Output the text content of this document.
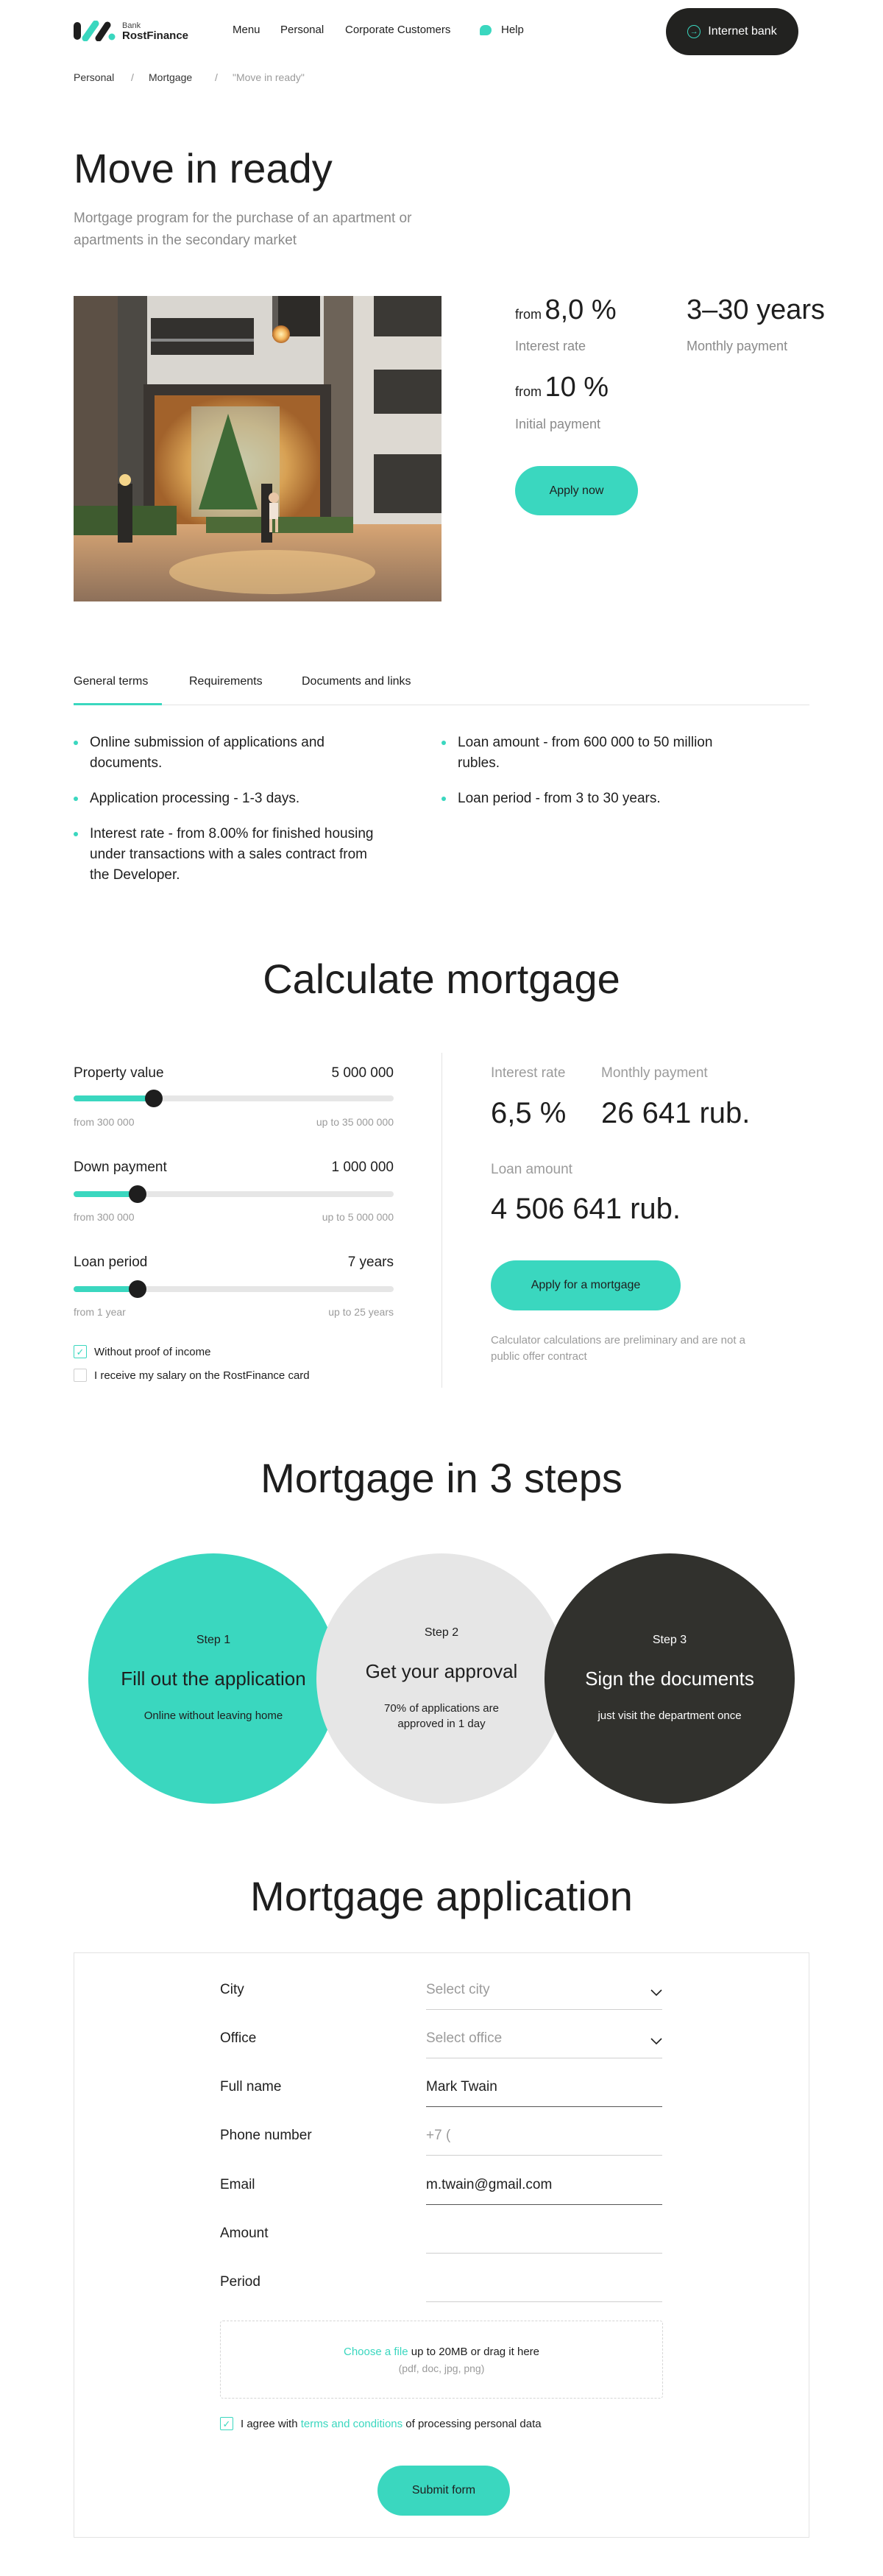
Bank
RostFinance	Menu Personal Corporate Customers	Help	→ Internet bank
Personal / Mortgage / "Move in ready"
Move in ready
Mortgage program for the purchase of an apartment or apartments in the secondary market
from 8,0 %
Interest rate
3–30 years
Monthly payment
from 10 %
Initial payment
Apply now
General terms	Requirements	Documents and links
Online submission of applications and documents.
Application processing - 1-3 days.
Interest rate - from 8.00% for finished housing under transactions with a sales contract from the Developer.
Loan amount - from 600 000 to 50 million rubles.
Loan period - from 3 to 30 years.
Calculate mortgage
Property value	5 000 000
from 300 000	up to 35 000 000
Down payment	1 000 000
from 300 000	up to 5 000 000
Loan period	7 years
from 1 year	up to 25 years
✓ Without proof of income
I receive my salary on the RostFinance card
Interest rate
6,5 %
Monthly payment
26 641 rub.
Loan amount
4 506 641 rub.
Apply for a mortgage
Calculator calculations are preliminary and are not a public offer contract
Mortgage in 3 steps
Step 1
Fill out the application
Online without leaving home
Step 2
Get your approval
70% of applications are approved in 1 day
Step 3
Sign the documents
just visit the department once
Mortgage application
City	Select city
Office	Select office
Full name	Mark Twain
Phone number	+7 (
Email	m.twain@gmail.com
Amount
Period
Choose a file up to 20MB or drag it here
(pdf, doc, jpg, png)
✓ I agree with terms and conditions of processing personal data
Submit form
